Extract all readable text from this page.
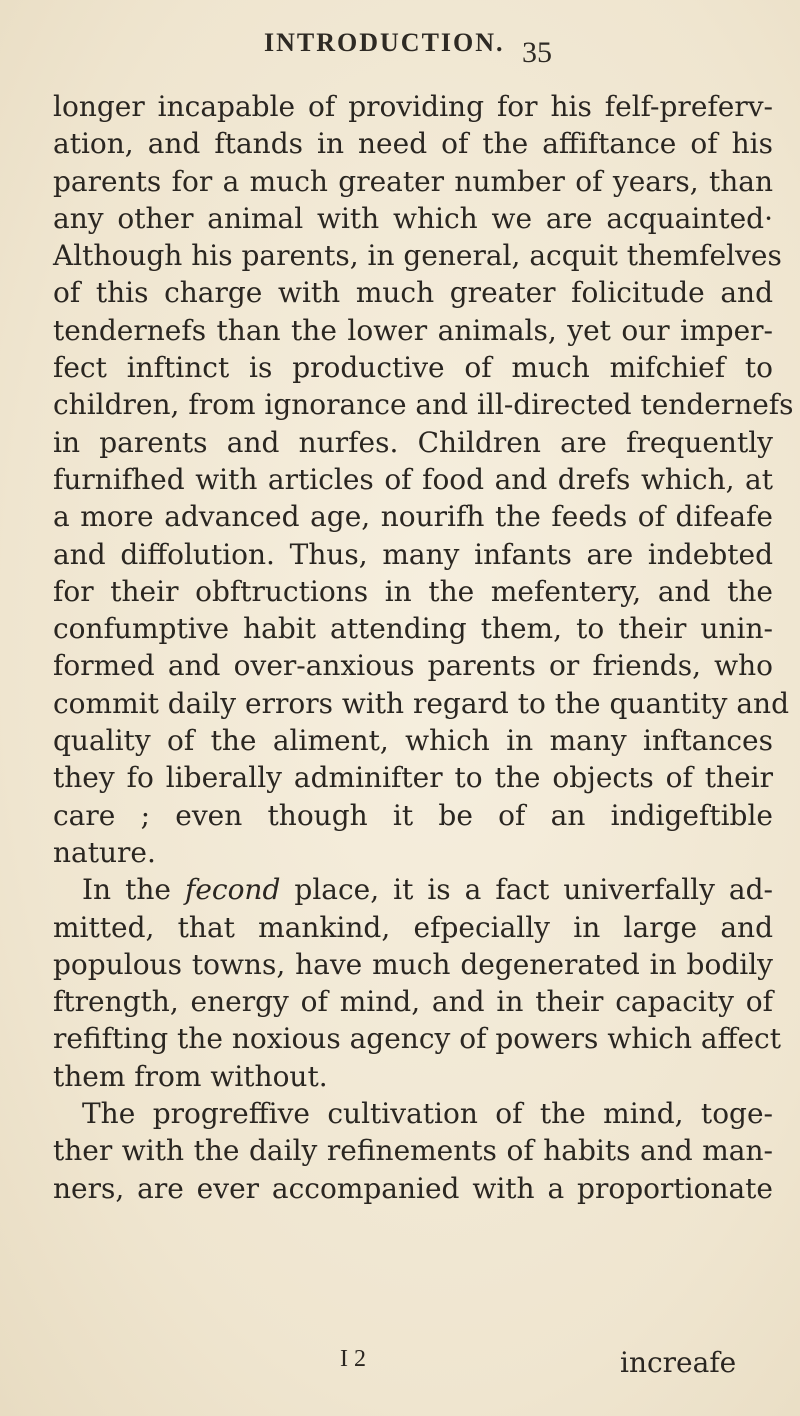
INTRODUCTION. 35
longer incapable of providing for his felf-preferv-
ation, and ftands in need of the affiftance of his
parents for a much greater number of years, than
any other animal with which we are acquainted·
Although his parents, in general, acquit themfelves
of this charge with much greater folicitude and
tendernefs than the lower animals, yet our imper-
fect inftinct is productive of much mifchief to
children, from ignorance and ill-directed tendernefs
in parents and nurfes. Children are frequently
furnifhed with articles of food and drefs which, at
a more advanced age, nourifh the feeds of difeafe
and diffolution. Thus, many infants are indebted
for their obftructions in the mefentery, and the
confumptive habit attending them, to their unin-
formed and over-anxious parents or friends, who
commit daily errors with regard to the quantity and
quality of the aliment, which in many inftances
they fo liberally adminifter to the objects of their
care ; even though it be of an indigeftible
nature.
In the fecond place, it is a fact univerfally ad-
mitted, that mankind, efpecially in large and
populous towns, have much degenerated in bodily
ftrength, energy of mind, and in their capacity of
refifting the noxious agency of powers which affect
them from without.
The progreffive cultivation of the mind, toge-
ther with the daily refinements of habits and man-
ners, are ever accompanied with a proportionate
I 2	increafe
